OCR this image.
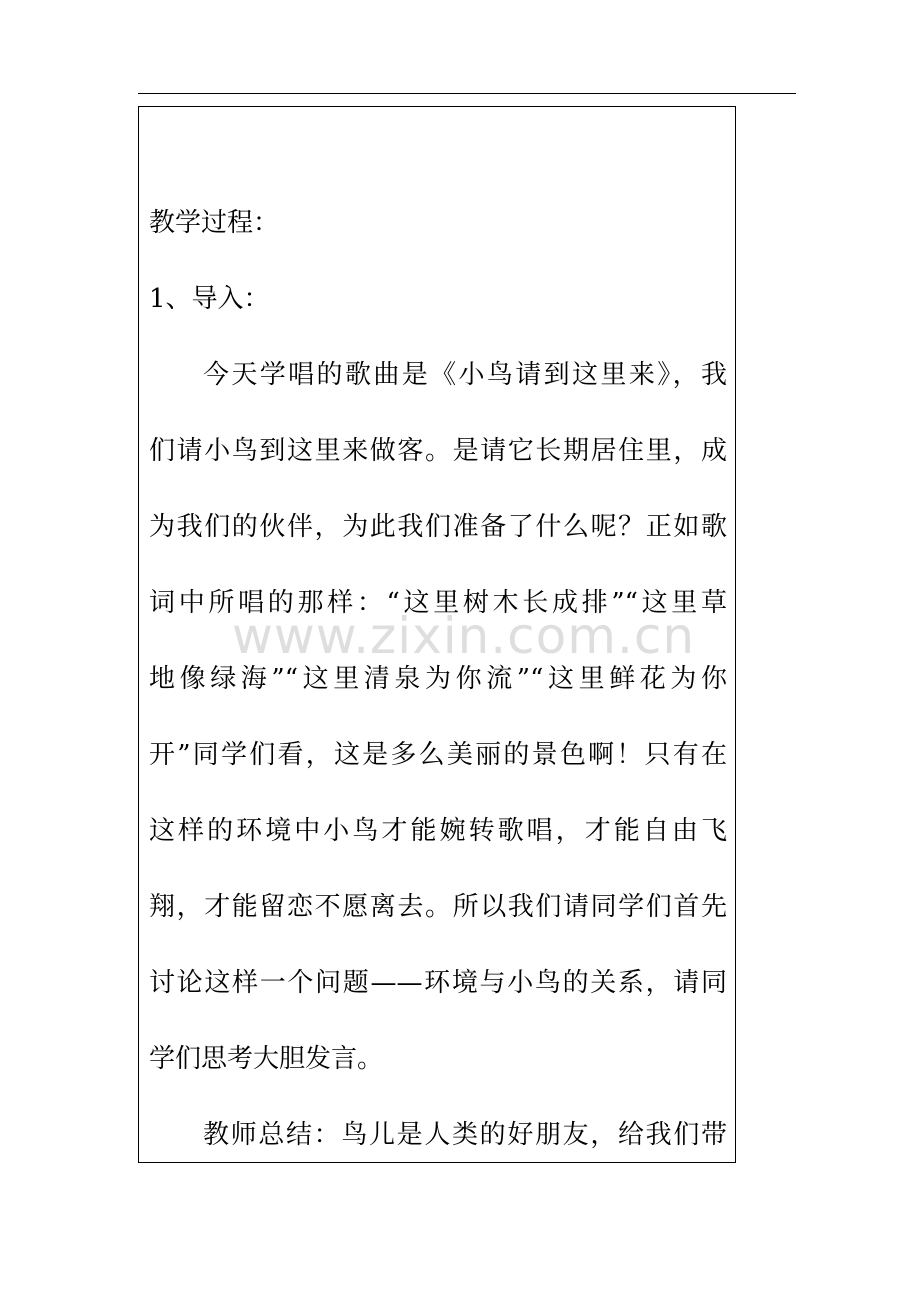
教学过程：
1、导入：
今天学唱的歌曲是《小鸟请到这里来》，我
们请小鸟到这里来做客。是请它长期居住里，成
为我们的伙伴，为此我们准备了什么呢？正如歌
词中所唱的那样：“这里树木长成排”“这里草
地像绿海”“这里清泉为你流”“这里鲜花为你
开”同学们看，这是多么美丽的景色啊！只有在
这样的环境中小鸟才能婉转歌唱，才能自由飞
翔，才能留恋不愿离去。所以我们请同学们首先
讨论这样一个问题——环境与小鸟的关系，请同
学们思考大胆发言。
教师总结：鸟儿是人类的好朋友，给我们带
www.zixin.com.cn
